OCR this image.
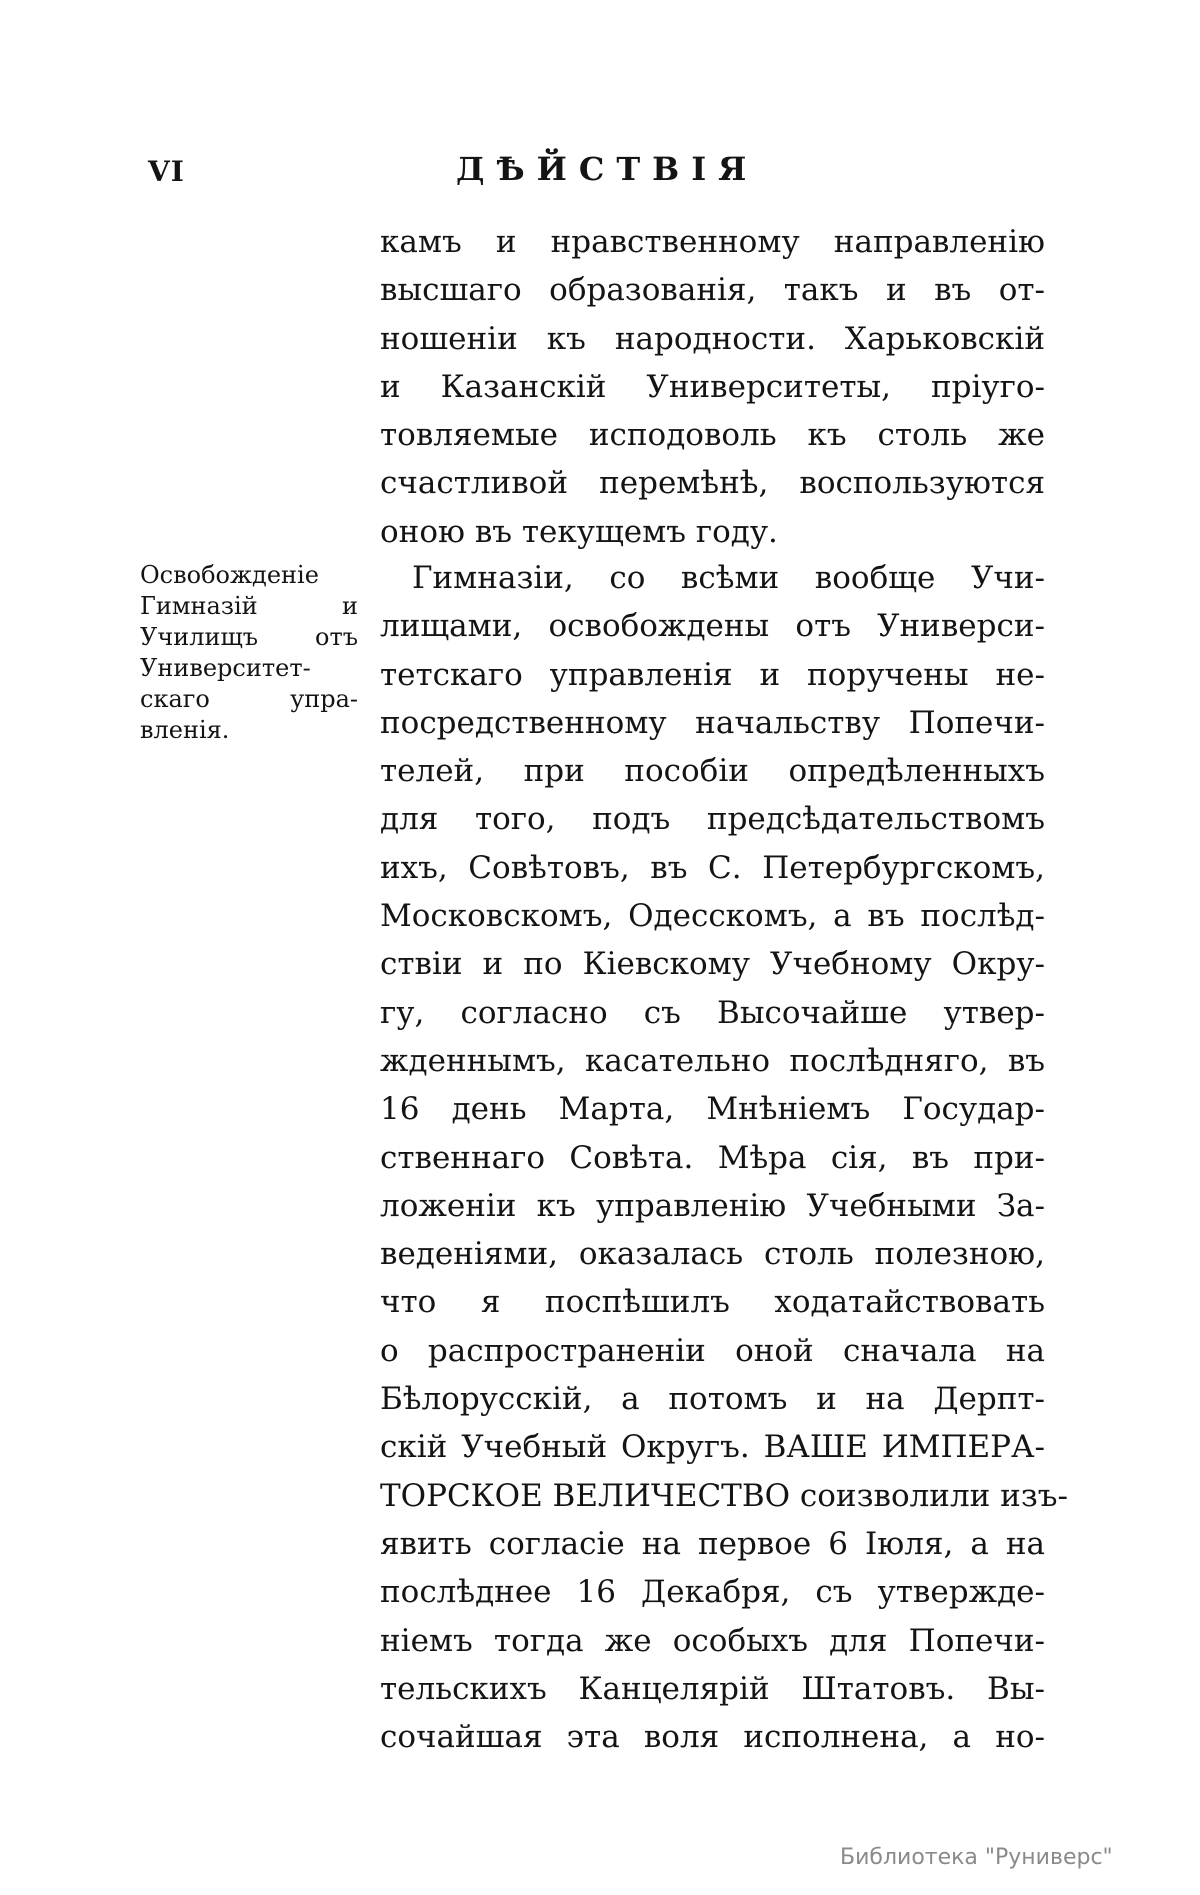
VI	ДѢЙСТВІЯ
камъ и нравственному направленію
высшаго образованія, такъ и въ от-
ношеніи къ народности. Харьковскій
и Казанскій Университеты, пріуго-
товляемые исподоволь къ столь же
счастливой перемѣнѣ, воспользуются
оною въ текущемъ году.
Освобожденіе
Гимназій и
Училищъ отъ
Университет-
скаго упра-
вленія.
Гимназіи, со всѣми вообще Учи-
лищами, освобождены отъ Универси-
тетскаго управленія и поручены не-
посредственному начальству Попечи-
телей, при пособіи опредѣленныхъ
для того, подъ предсѣдательствомъ
ихъ, Совѣтовъ, въ С. Петербургскомъ,
Московскомъ, Одесскомъ, а въ послѣд-
ствіи и по Кіевскому Учебному Окру-
гу, согласно съ Высочайше утвер-
жденнымъ, касательно послѣдняго, въ
16 день Марта, Мнѣніемъ Государ-
ственнаго Совѣта. Мѣра сія, въ при-
ложеніи къ управленію Учебными За-
веденіями, оказалась столь полезною,
что я поспѣшилъ ходатайствовать
о распространеніи оной сначала на
Бѣлорусскій, а потомъ и на Дерпт-
скій Учебный Округъ. ВАШЕ ИМПЕРА-
ТОРСКОЕ ВЕЛИЧЕСТВО соизволили изъ-
явить согласіе на первое 6 Іюля, а на
послѣднее 16 Декабря, съ утвержде-
ніемъ тогда же особыхъ для Попечи-
тельскихъ Канцелярій Штатовъ. Вы-
сочайшая эта воля исполнена, а но-
Библиотека "Руниверс"
